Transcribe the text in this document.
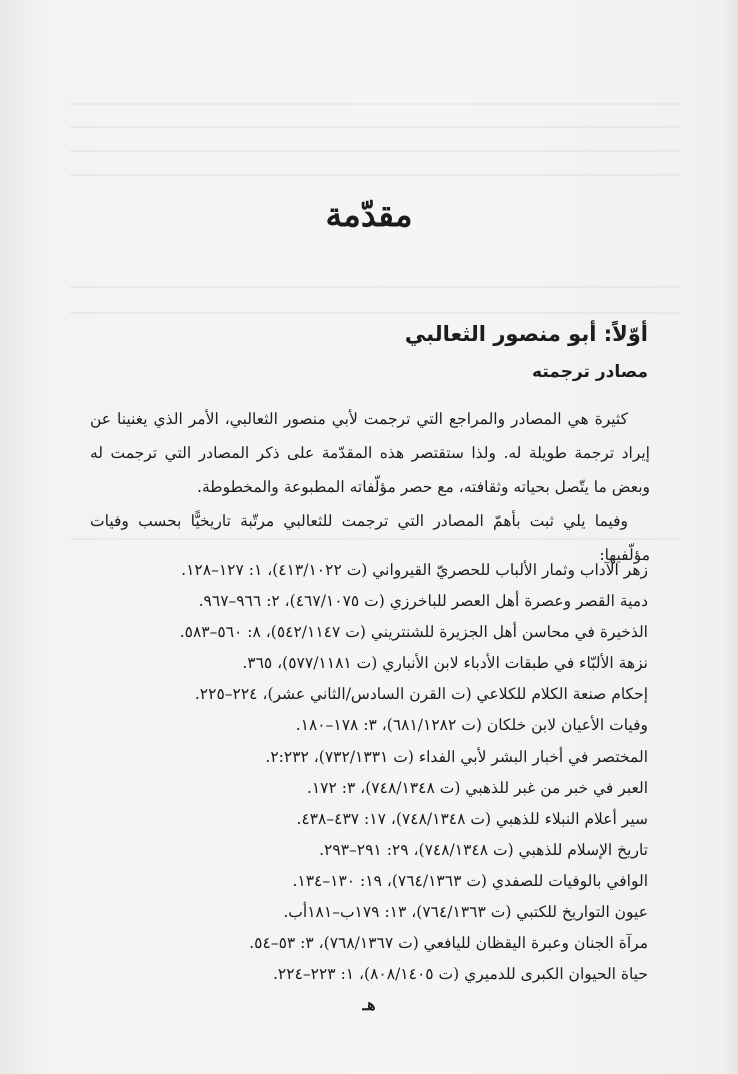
مقدّمة
أوّلاً: أبو منصور الثعالبي
مصادر ترجمته

كثيرة هي المصادر والمراجع التي ترجمت لأبي منصور الثعالبي، الأمر الذي يغنينا عن إيراد ترجمة طويلة له. ولذا ستقتصر هذه المقدّمة على ذكر المصادر التي ترجمت له وبعض ما يتّصل بحياته وثقافته، مع حصر مؤلّفاته المطبوعة والمخطوطة.

وفيما يلي ثبت بأهمّ المصادر التي ترجمت للثعالبي مرتّبة تاريخيًّا بحسب وفيات مؤلّفيها:

زهر الآداب وثمار الألباب للحصريّ القيرواني (ت ٤١٣/١٠٢٢)، ١: ١٢٧–١٢٨.
دمية القصر وعصرة أهل العصر للباخرزي (ت ٤٦٧/١٠٧٥)، ٢: ٩٦٦–٩٦٧.
الذخيرة في محاسن أهل الجزيرة للشنتريني (ت ٥٤٢/١١٤٧)، ٨: ٥٦٠–٥٨٣.
نزهة الألبّاء في طبقات الأدباء لابن الأنباري (ت ٥٧٧/١١٨١)، ٣٦٥.
إحكام صنعة الكلام للكلاعي (ت القرن السادس/الثاني عشر)، ٢٢٤–٢٢٥.
وفيات الأعيان لابن خلكان (ت ٦٨١/١٢٨٢)، ٣: ١٧٨–١٨٠.
المختصر في أخبار البشر لأبي الفداء (ت ٧٣٢/١٣٣١)، ٢:٢٣٢.
العبر في خبر من غبر للذهبي (ت ٧٤٨/١٣٤٨)، ٣: ١٧٢.
سير أعلام النبلاء للذهبي (ت ٧٤٨/١٣٤٨)، ١٧: ٤٣٧–٤٣٨.
تاريخ الإسلام للذهبي (ت ٧٤٨/١٣٤٨)، ٢٩: ٢٩١–٢٩٣.
الوافي بالوفيات للصفدي (ت ٧٦٤/١٣٦٣)، ١٩: ١٣٠–١٣٤.
عيون التواريخ للكتبي (ت ٧٦٤/١٣٦٣)، ١٣: ١٧٩ب–١٨١أب.
مرآة الجنان وعبرة اليقظان لليافعي (ت ٧٦٨/١٣٦٧)، ٣: ٥٣–٥٤.
حياة الحيوان الكبرى للدميري (ت ٨٠٨/١٤٠٥)، ١: ٢٢٣–٢٢٤.
هـ
